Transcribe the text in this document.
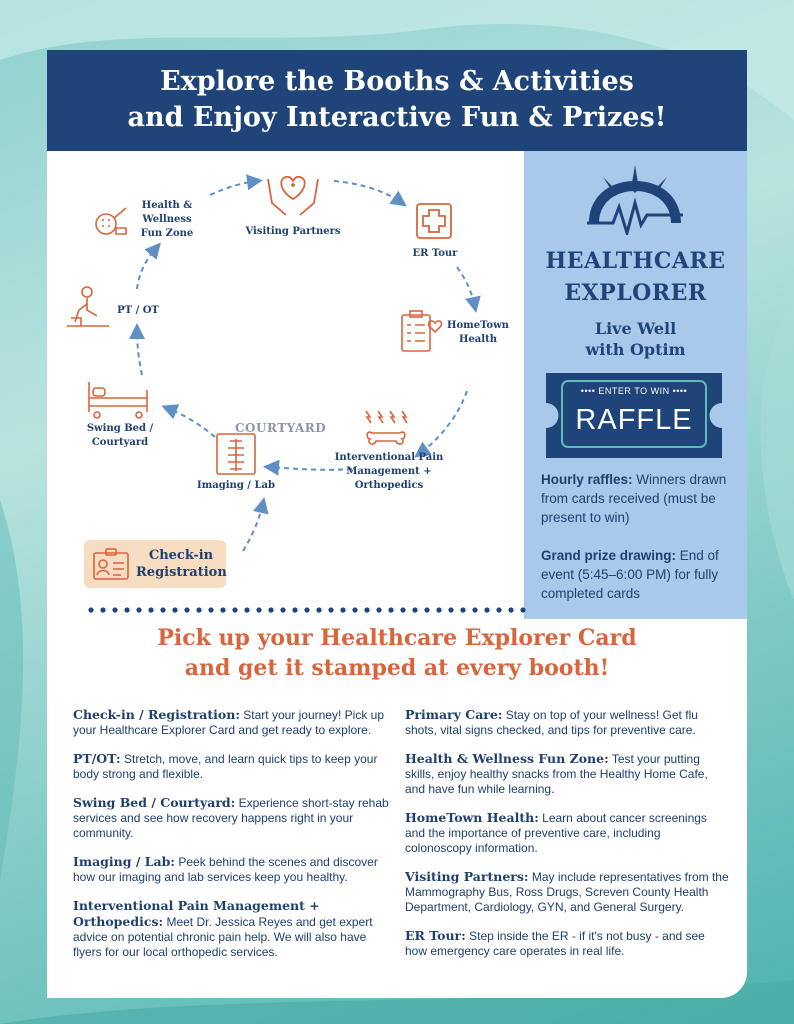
Explore the Booths & Activities
and Enjoy Interactive Fun & Prizes!
Health & Wellness Fun Zone	Visiting Partners
ER Tour
HomeTown Health
Interventional Pain Management + Orthopedics
Imaging / Lab
Swing Bed / Courtyard
PT / OT
COURTYARD
Check-in
Registration
HEALTHCARE
EXPLORER
Live Well
with Optim
•••• ENTER TO WIN ••••
RAFFLE
Hourly raffles: Winners drawn from cards received (must be present to win)
Grand prize drawing: End of event (5:45–6:00 PM) for fully completed cards
Pick up your Healthcare Explorer Card
and get it stamped at every booth!
Check-in / Registration: Start your journey! Pick up your Healthcare Explorer Card and get ready to explore.
PT/OT: Stretch, move, and learn quick tips to keep your body strong and flexible.
Swing Bed / Courtyard: Experience short-stay rehab services and see how recovery happens right in your community.
Imaging / Lab: Peek behind the scenes and discover how our imaging and lab services keep you healthy.
Interventional Pain Management + Orthopedics: Meet Dr. Jessica Reyes and get expert advice on potential chronic pain help. We will also have flyers for our local orthopedic services.
Primary Care: Stay on top of your wellness! Get flu shots, vital signs checked, and tips for preventive care.
Health & Wellness Fun Zone: Test your putting skills, enjoy healthy snacks from the Healthy Home Cafe, and have fun while learning.
HomeTown Health: Learn about cancer screenings and the importance of preventive care, including colonoscopy information.
Visiting Partners: May include representatives from the Mammography Bus, Ross Drugs, Screven County Health Department, Cardiology, GYN, and General Surgery.
ER Tour: Step inside the ER - if it's not busy - and see how emergency care operates in real life.
